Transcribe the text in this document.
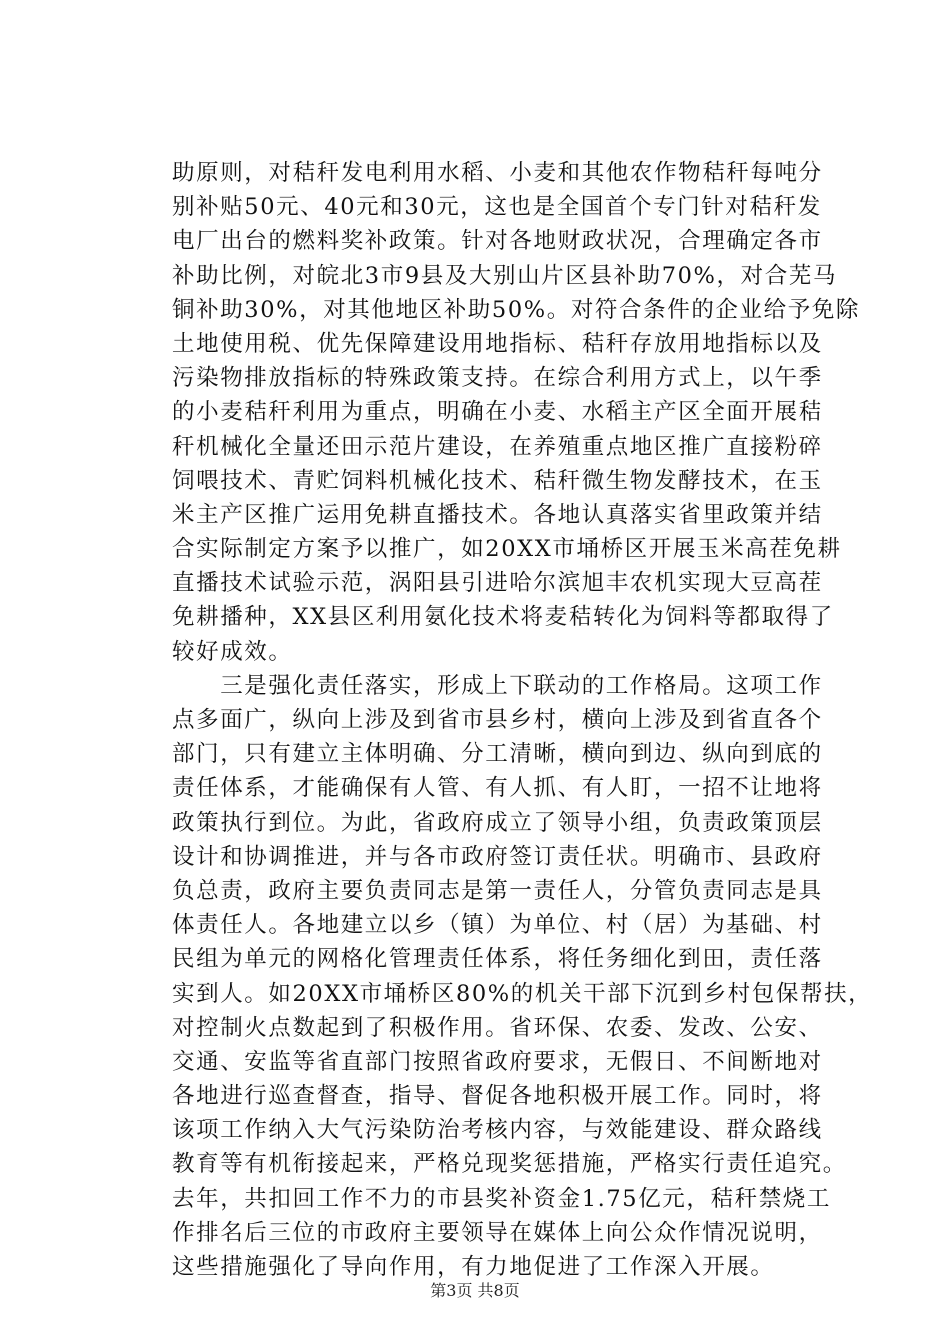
助原则，对秸秆发电利用水稻、小麦和其他农作物秸秆每吨分
别补贴50元、40元和30元，这也是全国首个专门针对秸秆发
电厂出台的燃料奖补政策。针对各地财政状况，合理确定各市
补助比例，对皖北3市9县及大别山片区县补助70%，对合芜马
铜补助30%，对其他地区补助50%。对符合条件的企业给予免除
土地使用税、优先保障建设用地指标、秸秆存放用地指标以及
污染物排放指标的特殊政策支持。在综合利用方式上，以午季
的小麦秸秆利用为重点，明确在小麦、水稻主产区全面开展秸
秆机械化全量还田示范片建设，在养殖重点地区推广直接粉碎
饲喂技术、青贮饲料机械化技术、秸秆微生物发酵技术，在玉
米主产区推广运用免耕直播技术。各地认真落实省里政策并结
合实际制定方案予以推广，如20XX市埇桥区开展玉米高茬免耕
直播技术试验示范，涡阳县引进哈尔滨旭丰农机实现大豆高茬
免耕播种，XX县区利用氨化技术将麦秸转化为饲料等都取得了
较好成效。
　　三是强化责任落实，形成上下联动的工作格局。这项工作
点多面广，纵向上涉及到省市县乡村，横向上涉及到省直各个
部门，只有建立主体明确、分工清晰，横向到边、纵向到底的
责任体系，才能确保有人管、有人抓、有人盯，一招不让地将
政策执行到位。为此，省政府成立了领导小组，负责政策顶层
设计和协调推进，并与各市政府签订责任状。明确市、县政府
负总责，政府主要负责同志是第一责任人，分管负责同志是具
体责任人。各地建立以乡（镇）为单位、村（居）为基础、村
民组为单元的网格化管理责任体系，将任务细化到田，责任落
实到人。如20XX市埇桥区80%的机关干部下沉到乡村包保帮扶，
对控制火点数起到了积极作用。省环保、农委、发改、公安、
交通、安监等省直部门按照省政府要求，无假日、不间断地对
各地进行巡查督查，指导、督促各地积极开展工作。同时，将
该项工作纳入大气污染防治考核内容，与效能建设、群众路线
教育等有机衔接起来，严格兑现奖惩措施，严格实行责任追究。
去年，共扣回工作不力的市县奖补资金1.75亿元，秸秆禁烧工
作排名后三位的市政府主要领导在媒体上向公众作情况说明，
这些措施强化了导向作用，有力地促进了工作深入开展。
第3页 共8页
